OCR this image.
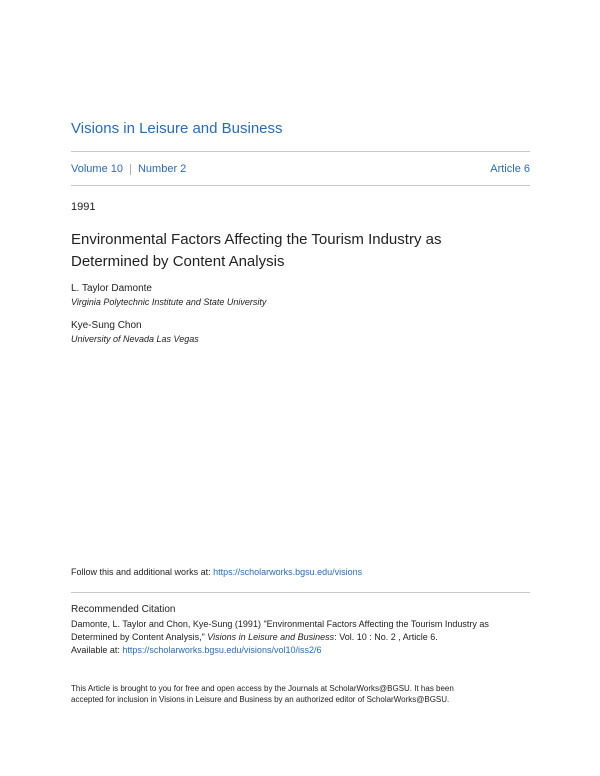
Visions in Leisure and Business
Volume 10 Number 2	Article 6
1991
Environmental Factors Affecting the Tourism Industry as
Determined by Content Analysis
L. Taylor Damonte
Virginia Polytechnic Institute and State University
Kye-Sung Chon
University of Nevada Las Vegas
Follow this and additional works at: https://scholarworks.bgsu.edu/visions
Recommended Citation
Damonte, L. Taylor and Chon, Kye-Sung (1991) "Environmental Factors Affecting the Tourism Industry as
Determined by Content Analysis," Visions in Leisure and Business: Vol. 10 : No. 2 , Article 6.
Available at: https://scholarworks.bgsu.edu/visions/vol10/iss2/6
This Article is brought to you for free and open access by the Journals at ScholarWorks@BGSU. It has been
accepted for inclusion in Visions in Leisure and Business by an authorized editor of ScholarWorks@BGSU.
